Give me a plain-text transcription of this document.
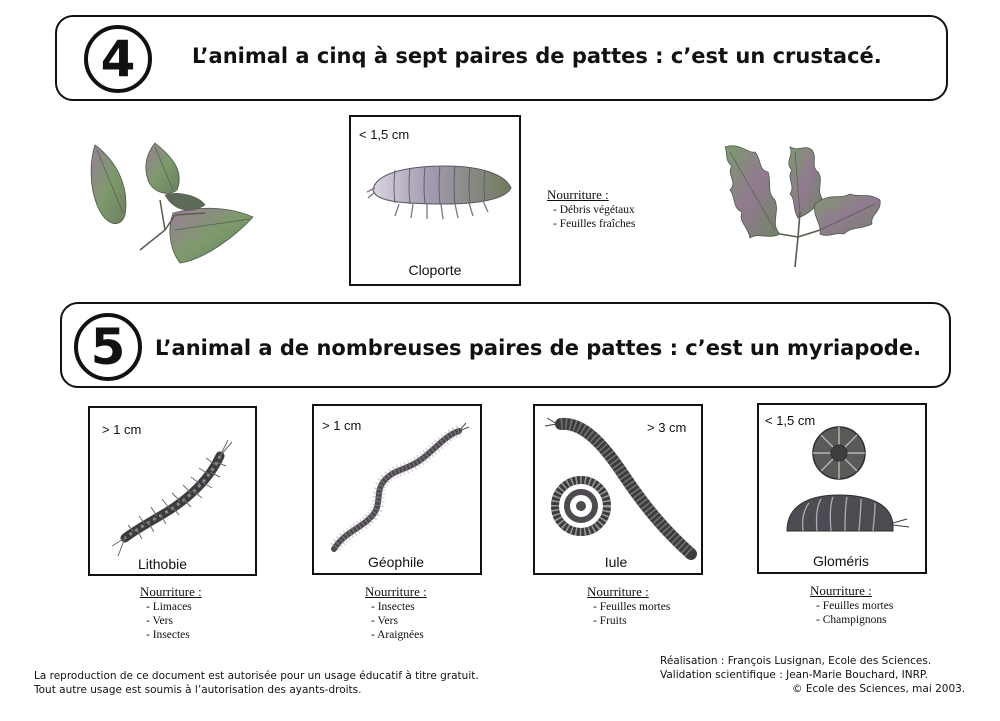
4	L’animal a cinq à sept paires de pattes : c’est un crustacé.
< 1,5 cm
Cloporte
Nourriture :
- Débris végétaux
- Feuilles fraîches
5	L’animal a de nombreuses paires de pattes : c’est un myriapode.
> 1 cm
Lithobie
Nourriture :
- Limaces
- Vers
- Insectes
> 1 cm
Géophile
Nourriture :
- Insectes
- Vers
- Araignées
> 3 cm
Iule
Nourriture :
- Feuilles mortes
- Fruits
< 1,5 cm
Gloméris
Nourriture :
- Feuilles mortes
- Champignons
La reproduction de ce document est autorisée pour un usage éducatif à titre gratuit.
Tout autre usage est soumis à l’autorisation des ayants-droits.
Réalisation : François Lusignan, Ecole des Sciences.
Validation scientifique : Jean-Marie Bouchard, INRP.
© Ecole des Sciences, mai 2003.
